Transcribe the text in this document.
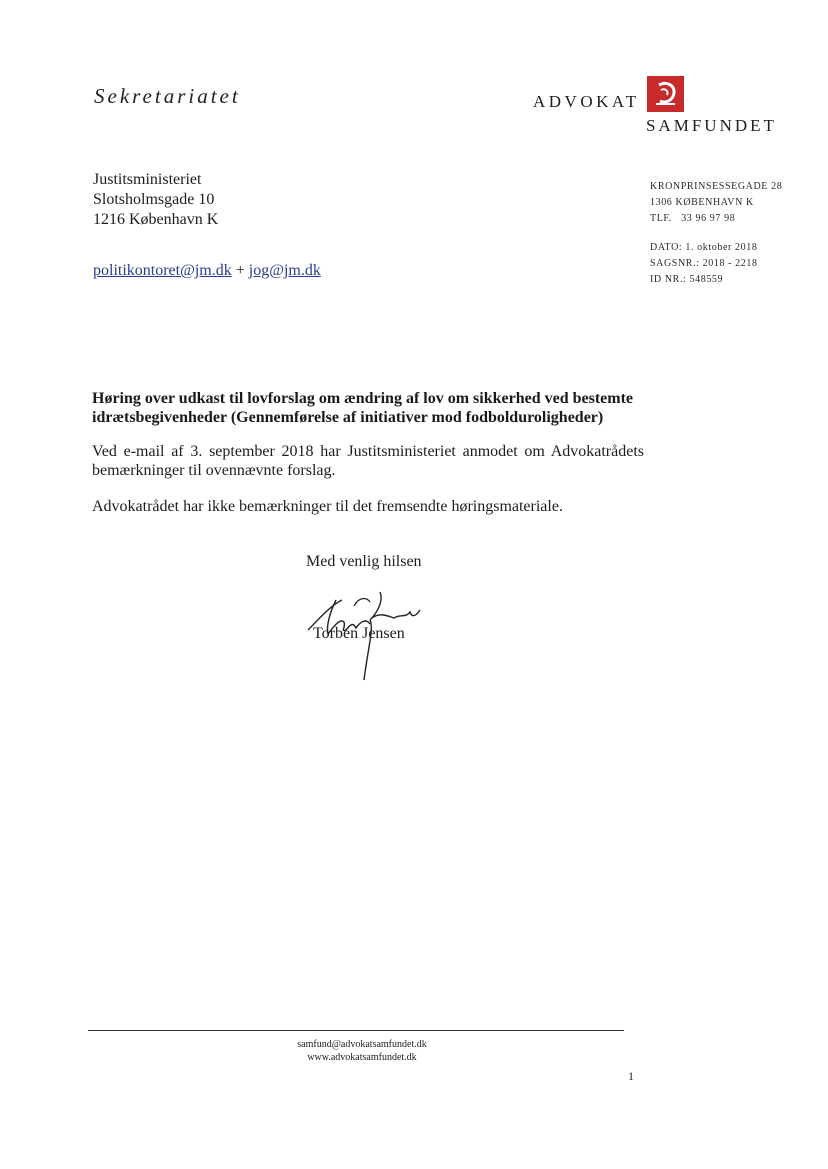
Sekretariatet	ADVOKAT
SAMFUNDET
Justitsministeriet
Slotsholmsgade 10
1216 København K
politikontoret@jm.dk + jog@jm.dk
KRONPRINSESSEGADE 28
1306 KØBENHAVN K
TLF. 33 96 97 98
DATO: 1. oktober 2018
SAGSNR.: 2018 - 2218
ID NR.: 548559
Høring over udkast til lovforslag om ændring af lov om sikkerhed ved bestemte idrætsbegivenheder (Gennemførelse af initiativer mod fodbolduroligheder)
Ved e-mail af 3. september 2018 har Justitsministeriet anmodet om Advokatrådets bemærkninger til ovennævnte forslag.
Advokatrådet har ikke bemærkninger til det fremsendte høringsmateriale.
Med venlig hilsen
Torben Jensen
samfund@advokatsamfundet.dk
www.advokatsamfundet.dk
1
